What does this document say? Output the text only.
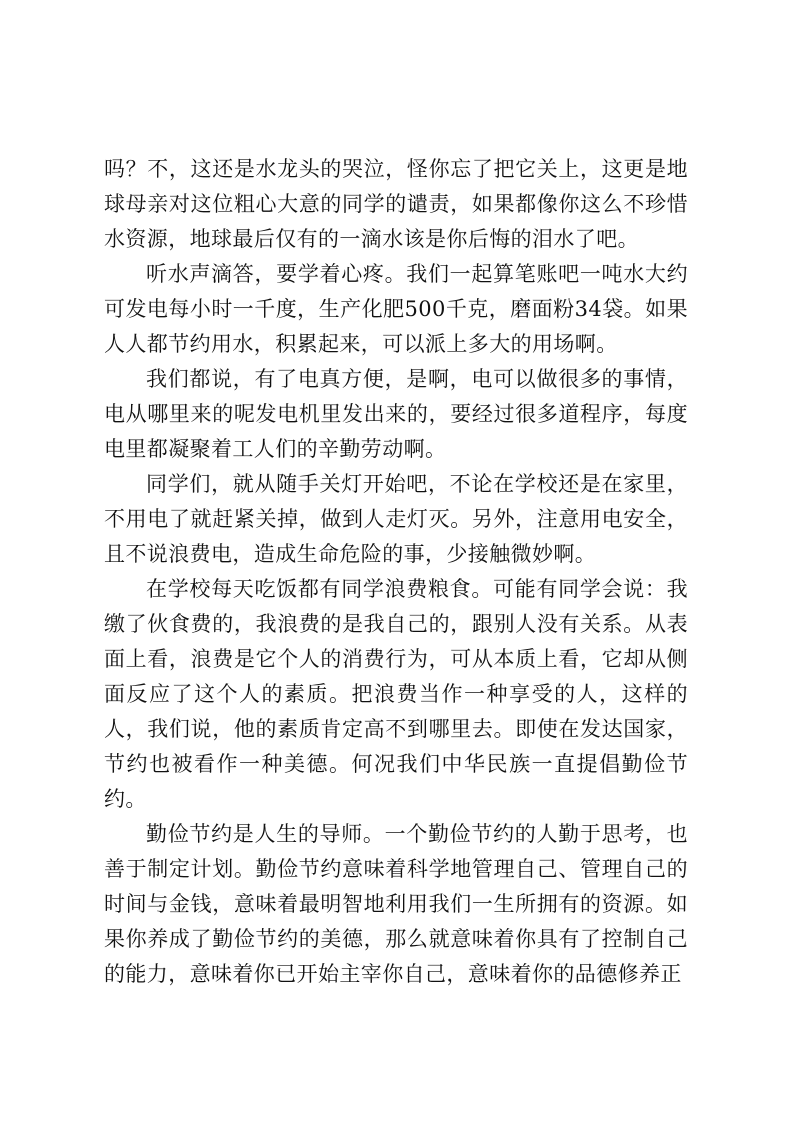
吗？不，这还是水龙头的哭泣，怪你忘了把它关上，这更是地球母亲对这位粗心大意的同学的谴责，如果都像你这么不珍惜水资源，地球最后仅有的一滴水该是你后悔的泪水了吧。

听水声滴答，要学着心疼。我们一起算笔账吧一吨水大约可发电每小时一千度，生产化肥500千克，磨面粉34袋。如果人人都节约用水，积累起来，可以派上多大的用场啊。

我们都说，有了电真方便，是啊，电可以做很多的事情，电从哪里来的呢发电机里发出来的，要经过很多道程序，每度电里都凝聚着工人们的辛勤劳动啊。

同学们，就从随手关灯开始吧，不论在学校还是在家里，不用电了就赶紧关掉，做到人走灯灭。另外，注意用电安全，且不说浪费电，造成生命危险的事，少接触微妙啊。

在学校每天吃饭都有同学浪费粮食。可能有同学会说：我缴了伙食费的，我浪费的是我自己的，跟别人没有关系。从表面上看，浪费是它个人的消费行为，可从本质上看，它却从侧面反应了这个人的素质。把浪费当作一种享受的人，这样的人，我们说，他的素质肯定高不到哪里去。即使在发达国家，节约也被看作一种美德。何况我们中华民族一直提倡勤俭节约。

勤俭节约是人生的导师。一个勤俭节约的人勤于思考，也善于制定计划。勤俭节约意味着科学地管理自己、管理自己的时间与金钱，意味着最明智地利用我们一生所拥有的资源。如果你养成了勤俭节约的美德，那么就意味着你具有了控制自己的能力，意味着你已开始主宰你自己，意味着你的品德修养正
